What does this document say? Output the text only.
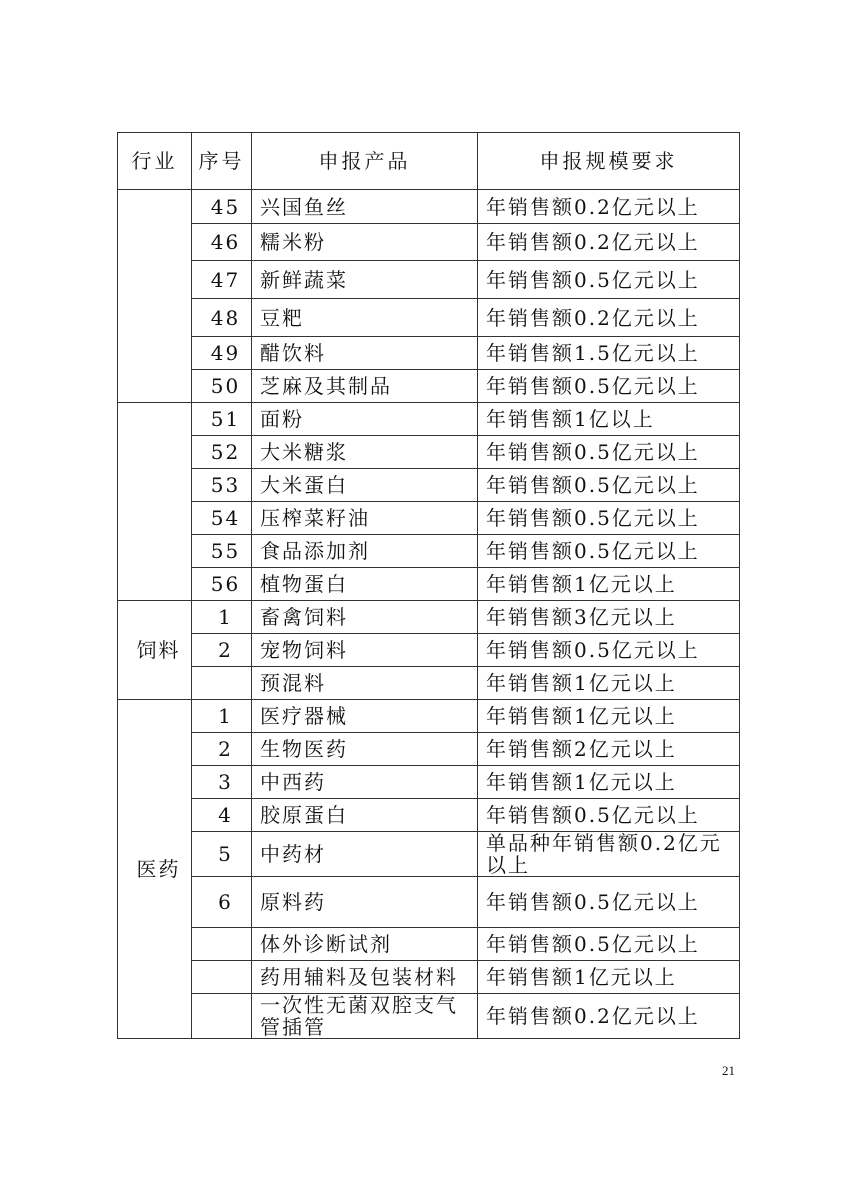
行业	序号	申报产品	申报规模要求
	45	兴国鱼丝	年销售额0.2亿元以上
	46	糯米粉	年销售额0.2亿元以上
	47	新鲜蔬菜	年销售额0.5亿元以上
	48	豆粑	年销售额0.2亿元以上
	49	醋饮料	年销售额1.5亿元以上
	50	芝麻及其制品	年销售额0.5亿元以上
	51	面粉	年销售额1亿以上
	52	大米糖浆	年销售额0.5亿元以上
	53	大米蛋白	年销售额0.5亿元以上
	54	压榨菜籽油	年销售额0.5亿元以上
	55	食品添加剂	年销售额0.5亿元以上
	56	植物蛋白	年销售额1亿元以上
饲料	1	畜禽饲料	年销售额3亿元以上
	2	宠物饲料	年销售额0.5亿元以上
		预混料	年销售额1亿元以上
医药	1	医疗器械	年销售额1亿元以上
	2	生物医药	年销售额2亿元以上
	3	中西药	年销售额1亿元以上
	4	胶原蛋白	年销售额0.5亿元以上
	5	中药材	单品种年销售额0.2亿元以上
	6	原料药	年销售额0.5亿元以上
		体外诊断试剂	年销售额0.5亿元以上
		药用辅料及包装材料	年销售额1亿元以上
		一次性无菌双腔支气管插管	年销售额0.2亿元以上
21
